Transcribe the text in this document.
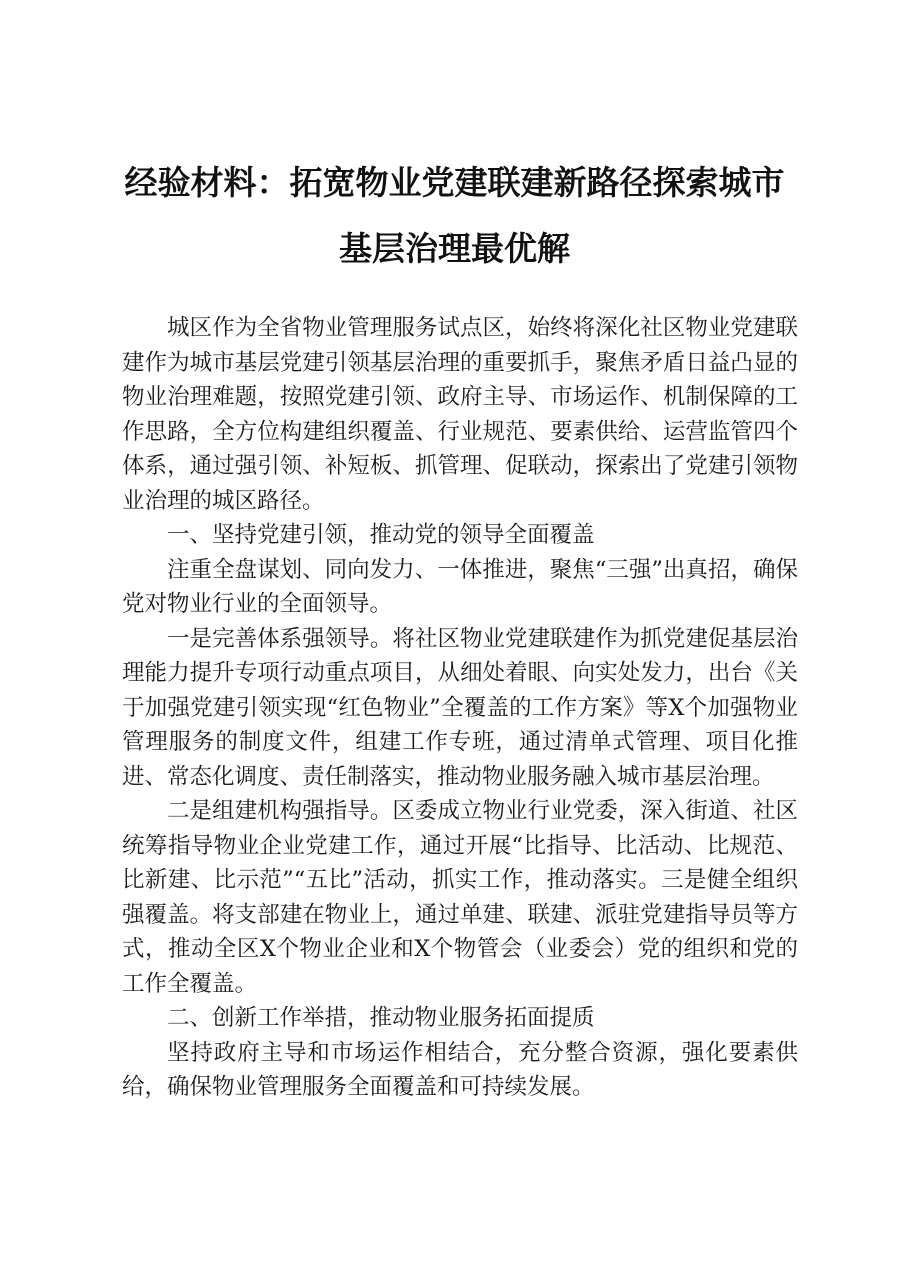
经验材料：拓宽物业党建联建新路径探索城市
基层治理最优解

城区作为全省物业管理服务试点区，始终将深化社区物业党建联建作为城市基层党建引领基层治理的重要抓手，聚焦矛盾日益凸显的物业治理难题，按照党建引领、政府主导、市场运作、机制保障的工作思路，全方位构建组织覆盖、行业规范、要素供给、运营监管四个体系，通过强引领、补短板、抓管理、促联动，探索出了党建引领物业治理的城区路径。

一、坚持党建引领，推动党的领导全面覆盖

注重全盘谋划、同向发力、一体推进，聚焦“三强”出真招，确保党对物业行业的全面领导。

一是完善体系强领导。将社区物业党建联建作为抓党建促基层治理能力提升专项行动重点项目，从细处着眼、向实处发力，出台《关于加强党建引领实现“红色物业”全覆盖的工作方案》等X个加强物业管理服务的制度文件，组建工作专班，通过清单式管理、项目化推进、常态化调度、责任制落实，推动物业服务融入城市基层治理。

二是组建机构强指导。区委成立物业行业党委，深入街道、社区统筹指导物业企业党建工作，通过开展“比指导、比活动、比规范、比新建、比示范”“五比”活动，抓实工作，推动落实。三是健全组织强覆盖。将支部建在物业上，通过单建、联建、派驻党建指导员等方式，推动全区X个物业企业和X个物管会（业委会）党的组织和党的工作全覆盖。

二、创新工作举措，推动物业服务拓面提质

坚持政府主导和市场运作相结合，充分整合资源，强化要素供给，确保物业管理服务全面覆盖和可持续发展。
